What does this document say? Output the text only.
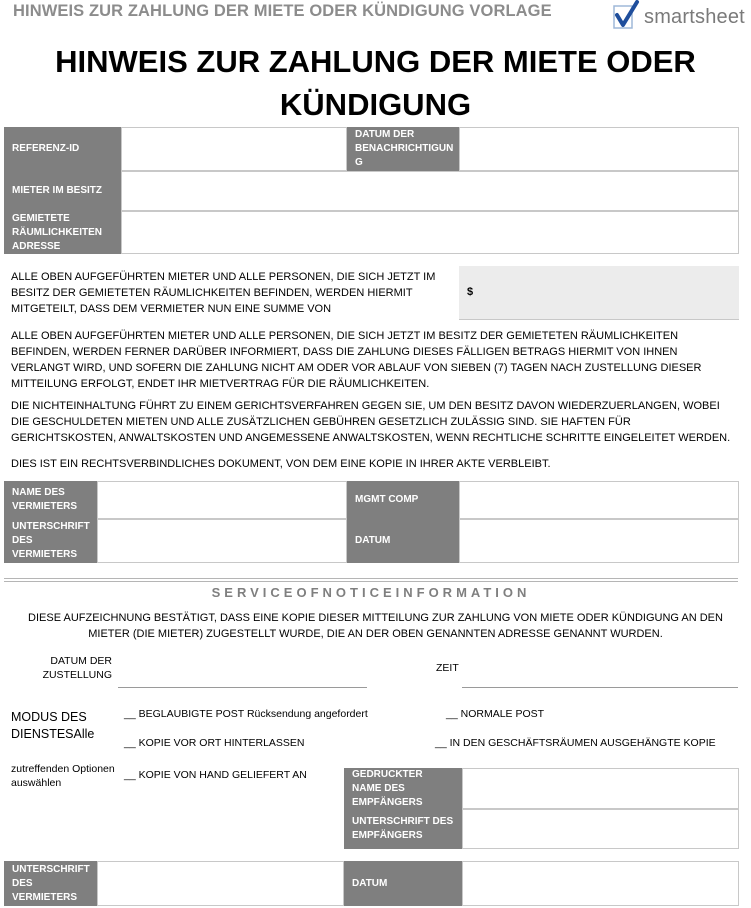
HINWEIS ZUR ZAHLUNG DER MIETE ODER KÜNDIGUNG VORLAGE	smartsheet
HINWEIS ZUR ZAHLUNG DER MIETE ODER
KÜNDIGUNG
REFERENZ-ID
DATUM DER BENACHRICHTIGUN G
MIETER IM BESITZ
GEMIETETE RÄUMLICHKEITEN ADRESSE
ALLE OBEN AUFGEFÜHRTEN MIETER UND ALLE PERSONEN, DIE SICH JETZT IM BESITZ DER GEMIETETEN RÄUMLICHKEITEN BEFINDEN, WERDEN HIERMIT MITGETEILT, DASS DEM VERMIETER NUN EINE SUMME VON
$
ALLE OBEN AUFGEFÜHRTEN MIETER UND ALLE PERSONEN, DIE SICH JETZT IM BESITZ DER GEMIETETEN RÄUMLICHKEITEN BEFINDEN, WERDEN FERNER DARÜBER INFORMIERT, DASS DIE ZAHLUNG DIESES FÄLLIGEN BETRAGS HIERMIT VON IHNEN VERLANGT WIRD, UND SOFERN DIE ZAHLUNG NICHT AM ODER VOR ABLAUF VON SIEBEN (7) TAGEN NACH ZUSTELLUNG DIESER MITTEILUNG ERFOLGT, ENDET IHR MIETVERTRAG FÜR DIE RÄUMLICHKEITEN.
DIE NICHTEINHALTUNG FÜHRT ZU EINEM GERICHTSVERFAHREN GEGEN SIE, UM DEN BESITZ DAVON WIEDERZUERLANGEN, WOBEI DIE GESCHULDETEN MIETEN UND ALLE ZUSÄTZLICHEN GEBÜHREN GESETZLICH ZULÄSSIG SIND. SIE HAFTEN FÜR GERICHTSKOSTEN, ANWALTSKOSTEN UND ANGEMESSENE ANWALTSKOSTEN, WENN RECHTLICHE SCHRITTE EINGELEITET WERDEN.
DIES IST EIN RECHTSVERBINDLICHES DOKUMENT, VON DEM EINE KOPIE IN IHRER AKTE VERBLEIBT.
NAME DES VERMIETERS
MGMT COMP
UNTERSCHRIFT DES VERMIETERS
DATUM
SERVICEOFNOTICEINFORMATION
DIESE AUFZEICHNUNG BESTÄTIGT, DASS EINE KOPIE DIESER MITTEILUNG ZUR ZAHLUNG VON MIETE ODER KÜNDIGUNG AN DEN MIETER (DIE MIETER) ZUGESTELLT WURDE, DIE AN DER OBEN GENANNTEN ADRESSE GENANNT WURDEN.
DATUM DER ZUSTELLUNG
ZEIT
MODUS DES DIENSTESAlle
zutreffenden Optionen auswählen
__ BEGLAUBIGTE POST Rücksendung angefordert	__ NORMALE POST
__ KOPIE VOR ORT HINTERLASSEN	__ IN DEN GESCHÄFTSRÄUMEN AUSGEHÄNGTE KOPIE
__ KOPIE VON HAND GELIEFERT AN	GEDRUCKTER NAME DES EMPFÄNGERS
UNTERSCHRIFT DES EMPFÄNGERS
UNTERSCHRIFT DES VERMIETERS
DATUM
